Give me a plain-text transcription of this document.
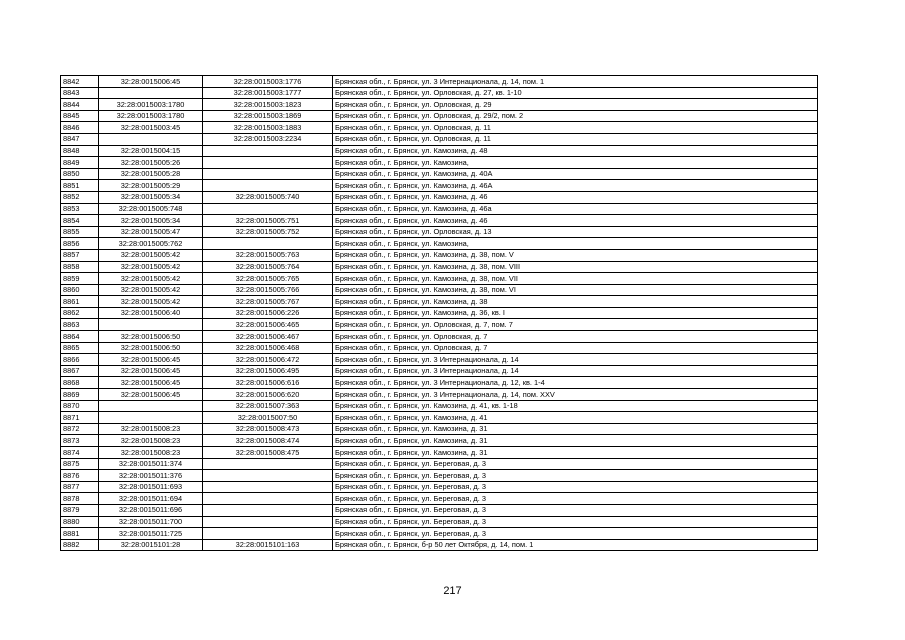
8842	32:28:0015006:45	32:28:0015003:1776	Брянская обл., г. Брянск, ул. 3 Интернационала, д. 14, пом. 1
8843		32:28:0015003:1777	Брянская обл., г. Брянск, ул. Орловская, д. 27, кв. 1-10
8844	32:28:0015003:1780	32:28:0015003:1823	Брянская обл., г. Брянск, ул. Орловская, д. 29
8845	32:28:0015003:1780	32:28:0015003:1869	Брянская обл., г. Брянск, ул. Орловская, д. 29/2, пом. 2
8846	32:28:0015003:45	32:28:0015003:1883	Брянская обл., г. Брянск, ул. Орловская, д. 11
8847		32:28:0015003:2234	Брянская обл., г. Брянск, ул. Орловская, д. 11
8848	32:28:0015004:15		Брянская обл., г. Брянск, ул. Камозина, д. 48
8849	32:28:0015005:26		Брянская обл., г. Брянск, ул. Камозина,
8850	32:28:0015005:28		Брянская обл., г. Брянск, ул. Камозина, д. 40А
8851	32:28:0015005:29		Брянская обл., г. Брянск, ул. Камозина, д. 46А
8852	32:28:0015005:34	32:28:0015005:740	Брянская обл., г. Брянск, ул. Камозина, д. 46
8853	32:28:0015005:748		Брянская обл., г. Брянск, ул. Камозина, д. 46а
8854	32:28:0015005:34	32:28:0015005:751	Брянская обл., г. Брянск, ул. Камозина, д. 46
8855	32:28:0015005:47	32:28:0015005:752	Брянская обл., г. Брянск, ул. Орловская, д. 13
8856	32:28:0015005:762		Брянская обл., г. Брянск, ул. Камозина,
8857	32:28:0015005:42	32:28:0015005:763	Брянская обл., г. Брянск, ул. Камозина, д. 38, пом. V
8858	32:28:0015005:42	32:28:0015005:764	Брянская обл., г. Брянск, ул. Камозина, д. 38, пом. VIII
8859	32:28:0015005:42	32:28:0015005:765	Брянская обл., г. Брянск, ул. Камозина, д. 38, пом. VII
8860	32:28:0015005:42	32:28:0015005:766	Брянская обл., г. Брянск, ул. Камозина, д. 38, пом. VI
8861	32:28:0015005:42	32:28:0015005:767	Брянская обл., г. Брянск, ул. Камозина, д. 38
8862	32:28:0015006:40	32:28:0015006:226	Брянская обл., г. Брянск, ул. Камозина, д. 36, кв. I
8863		32:28:0015006:465	Брянская обл., г. Брянск, ул. Орловская, д. 7, пом. 7
8864	32:28:0015006:50	32:28:0015006:467	Брянская обл., г. Брянск, ул. Орловская, д. 7
8865	32:28:0015006:50	32:28:0015006:468	Брянская обл., г. Брянск, ул. Орловская, д. 7
8866	32:28:0015006:45	32:28:0015006:472	Брянская обл., г. Брянск, ул. 3 Интернационала, д. 14
8867	32:28:0015006:45	32:28:0015006:495	Брянская обл., г. Брянск, ул. 3 Интернационала, д. 14
8868	32:28:0015006:45	32:28:0015006:616	Брянская обл., г. Брянск, ул. 3 Интернационала, д. 12, кв. 1-4
8869	32:28:0015006:45	32:28:0015006:620	Брянская обл., г. Брянск, ул. 3 Интернационала, д. 14, пом. XXV
8870		32:28:0015007:363	Брянская обл., г. Брянск, ул. Камозина, д. 41, кв. 1-18
8871		32:28:0015007:50	Брянская обл., г. Брянск, ул. Камозина, д. 41
8872	32:28:0015008:23	32:28:0015008:473	Брянская обл., г. Брянск, ул. Камозина, д. 31
8873	32:28:0015008:23	32:28:0015008:474	Брянская обл., г. Брянск, ул. Камозина, д. 31
8874	32:28:0015008:23	32:28:0015008:475	Брянская обл., г. Брянск, ул. Камозина, д. 31
8875	32:28:0015011:374		Брянская обл., г. Брянск, ул. Береговая, д. 3
8876	32:28:0015011:376		Брянская обл., г. Брянск, ул. Береговая, д. 3
8877	32:28:0015011:693		Брянская обл., г. Брянск, ул. Береговая, д. 3
8878	32:28:0015011:694		Брянская обл., г. Брянск, ул. Береговая, д. 3
8879	32:28:0015011:696		Брянская обл., г. Брянск, ул. Береговая, д. 3
8880	32:28:0015011:700		Брянская обл., г. Брянск, ул. Береговая, д. 3
8881	32:28:0015011:725		Брянская обл., г. Брянск, ул. Береговая, д. 3
8882	32:28:0015101:28	32:28:0015101:163	Брянская обл., г. Брянск, б-р 50 лет Октября, д. 14, пом. 1
217
